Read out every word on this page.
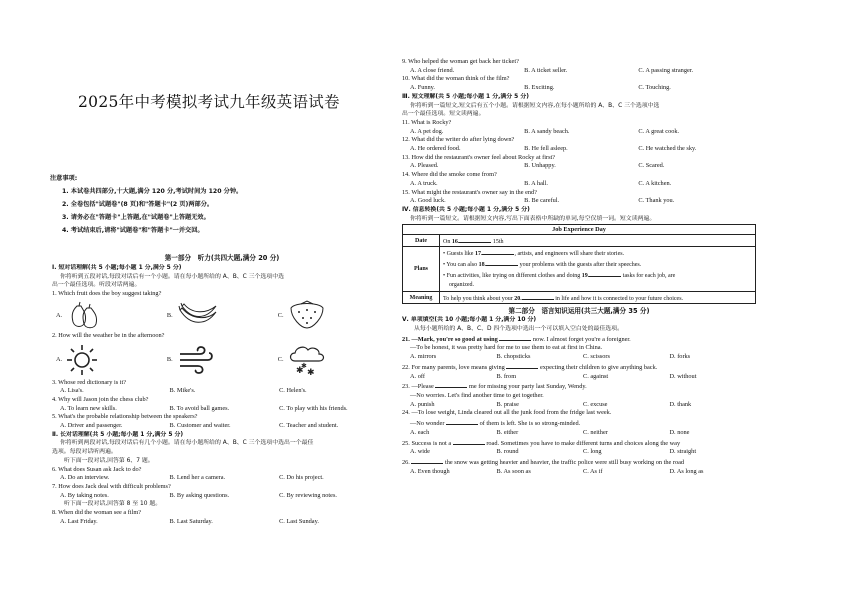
2025年中考模拟考试九年级英语试卷
注意事项:
1. 本试卷共四部分,十大题,满分 120 分,考试时间为 120 分钟。
2. 全卷包括"试题卷"(8 页)和"答题卡"(2 页)两部分。
3. 请务必在"答题卡"上答题,在"试题卷"上答题无效。
4. 考试结束后,请将"试题卷"和"答题卡"一并交回。
第一部分　听力(共四大题,满分 20 分)
Ⅰ. 短对话理解(共 5 小题;每小题 1 分,满分 5 分)
你将听到五段对话,每段对话后有一个小题。请在每小题所给的 A、B、C 三个选项中选
出一个最佳选项。听段对话两遍。
1. Which fruit does the boy suggest taking?
A.	B.	C.
2. How will the weather be in the afternoon?
A.	B.	C.
✱ ✱
✱
3. Whose red dictionary is it?
A. Lisa's.	B. Mike's.	C. Helen's.
4. Why will Jason join the chess club?
A. To learn new skills.	B. To avoid ball games.	C. To play with his friends.
5. What's the probable relationship between the speakers?
A. Driver and passenger.	B. Customer and waiter.	C. Teacher and student.
Ⅱ. 长对话理解(共 5 小题;每小题 1 分,满分 5 分)
你将听到两段对话,每段对话后有几个小题。请在每小题所给的 A、B、C 三个选项中选出一个最佳
选项。每段对话听两遍。
听下面一段对话,回答第 6、7 题。
6. What does Susan ask Jack to do?
A. Do an interview.	B. Lend her a camera.	C. Do his project.
7. How does Jack deal with difficult problems?
A. By taking notes.	B. By asking questions.	C. By reviewing notes.
听下面一段对话,回答第 8 至 10 题。
8. When did the woman see a film?
A. Last Friday.	B. Last Saturday.	C. Last Sunday.
9. Who helped the woman get back her ticket?
A. A close friend.	B. A ticket seller.	C. A passing stranger.
10. What did the woman think of the film?
A. Funny.	B. Exciting.	C. Touching.
Ⅲ. 短文理解(共 5 小题;每小题 1 分,满分 5 分)
你将听到一篇短文,短文后有五个小题。请根据短文内容,在每小题所给的 A、B、C 三个选项中选
出一个最佳选项。短文读两遍。
11. What is Rocky?
A. A pet dog.	B. A sandy beach.	C. A great cook.
12. What did the writer do after lying down?
A. He ordered food.	B. He fell asleep.	C. He watched the sky.
13. How did the restaurant's owner feel about Rocky at first?
A. Pleased.	B. Unhappy.	C. Scared.
14. Where did the smoke come from?
A. A truck.	B. A hall.	C. A kitchen.
15. What might the restaurant's owner say in the end?
A. Good luck.	B. Be careful.	C. Thank you.
Ⅳ. 信息转换(共 5 小题;每小题 1 分,满分 5 分)
你将听到一篇短文。请根据短文内容,写出下面表格中所缺的单词,每空仅填一词。短文读两遍。
Job Experience Day	
Date	On 16. 15th
Plans	• Guests like 17. , artists, and engineers will share their stories.
• You can also 18. your problems with the guests after their speeches.
• Fun activities, like trying on different clothes and doing 19. tasks for each job, are
organized.

Meaning	To help you think about your 20. in life and how it is connected to your future choices.
第二部分　语言知识运用(共三大题,满分 35 分)
Ⅴ. 单项填空(共 10 小题;每小题 1 分,满分 10 分)
从每小题所给的 A、B、C、D 四个选项中选出一个可以填入空白处的最佳选项。
21. —Mark, you're so good at using	now. I almost forget you're a foreigner.
—To be honest, it was pretty hard for me to use them to eat at first in China.
A. mirrors	B. chopsticks	C. scissors	D. forks
22. For many parents, love means giving	expecting their children to give anything back.
A. off	B. from	C. against	D. without
23. —Please	me for missing your party last Sunday, Wendy.
—No worries. Let's find another time to get together.
A. punish	B. praise	C. excuse	D. thank
24. —To lose weight, Linda cleared out all the junk food from the fridge last week.
—No wonder	of them is left. She is so strong-minded.
A. each	B. either	C. neither	D. none
25. Success is not a	road. Sometimes you have to make different turns and choices along the way
A. wide	B. round	C. long	D. straight
26.	the snow was getting heavier and heavier, the traffic police were still busy working on the road
A. Even though	B. As soon as	C. As if	D. As long as
